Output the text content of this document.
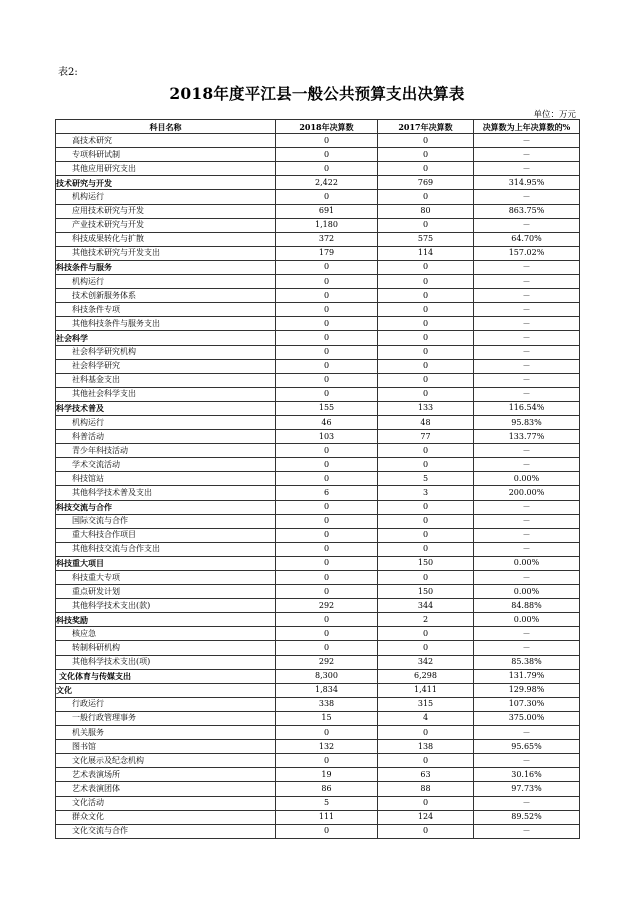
表2:
2018年度平江县一般公共预算支出决算表
单位：万元
科目名称	2018年决算数	2017年决算数	决算数为上年决算数的%
高技术研究	0	0	－
专项科研试制	0	0	－
其他应用研究支出	0	0	－
技术研究与开发	2,422	769	314.95%
机构运行	0	0	－
应用技术研究与开发	691	80	863.75%
产业技术研究与开发	1,180	0	－
科技成果转化与扩散	372	575	64.70%
其他技术研究与开发支出	179	114	157.02%
科技条件与服务	0	0	－
机构运行	0	0	－
技术创新服务体系	0	0	－
科技条件专项	0	0	－
其他科技条件与服务支出	0	0	－
社会科学	0	0	－
社会科学研究机构	0	0	－
社会科学研究	0	0	－
社科基金支出	0	0	－
其他社会科学支出	0	0	－
科学技术普及	155	133	116.54%
机构运行	46	48	95.83%
科普活动	103	77	133.77%
青少年科技活动	0	0	－
学术交流活动	0	0	－
科技馆站	0	5	0.00%
其他科学技术普及支出	6	3	200.00%
科技交流与合作	0	0	－
国际交流与合作	0	0	－
重大科技合作项目	0	0	－
其他科技交流与合作支出	0	0	－
科技重大项目	0	150	0.00%
科技重大专项	0	0	－
重点研发计划	0	150	0.00%
其他科学技术支出(款)	292	344	84.88%
科技奖励	0	2	0.00%
核应急	0	0	－
转制科研机构	0	0	－
其他科学技术支出(项)	292	342	85.38%
文化体育与传媒支出	8,300	6,298	131.79%
文化	1,834	1,411	129.98%
行政运行	338	315	107.30%
一般行政管理事务	15	4	375.00%
机关服务	0	0	－
图书馆	132	138	95.65%
文化展示及纪念机构	0	0	－
艺术表演场所	19	63	30.16%
艺术表演团体	86	88	97.73%
文化活动	5	0	－
群众文化	111	124	89.52%
文化交流与合作	0	0	－
